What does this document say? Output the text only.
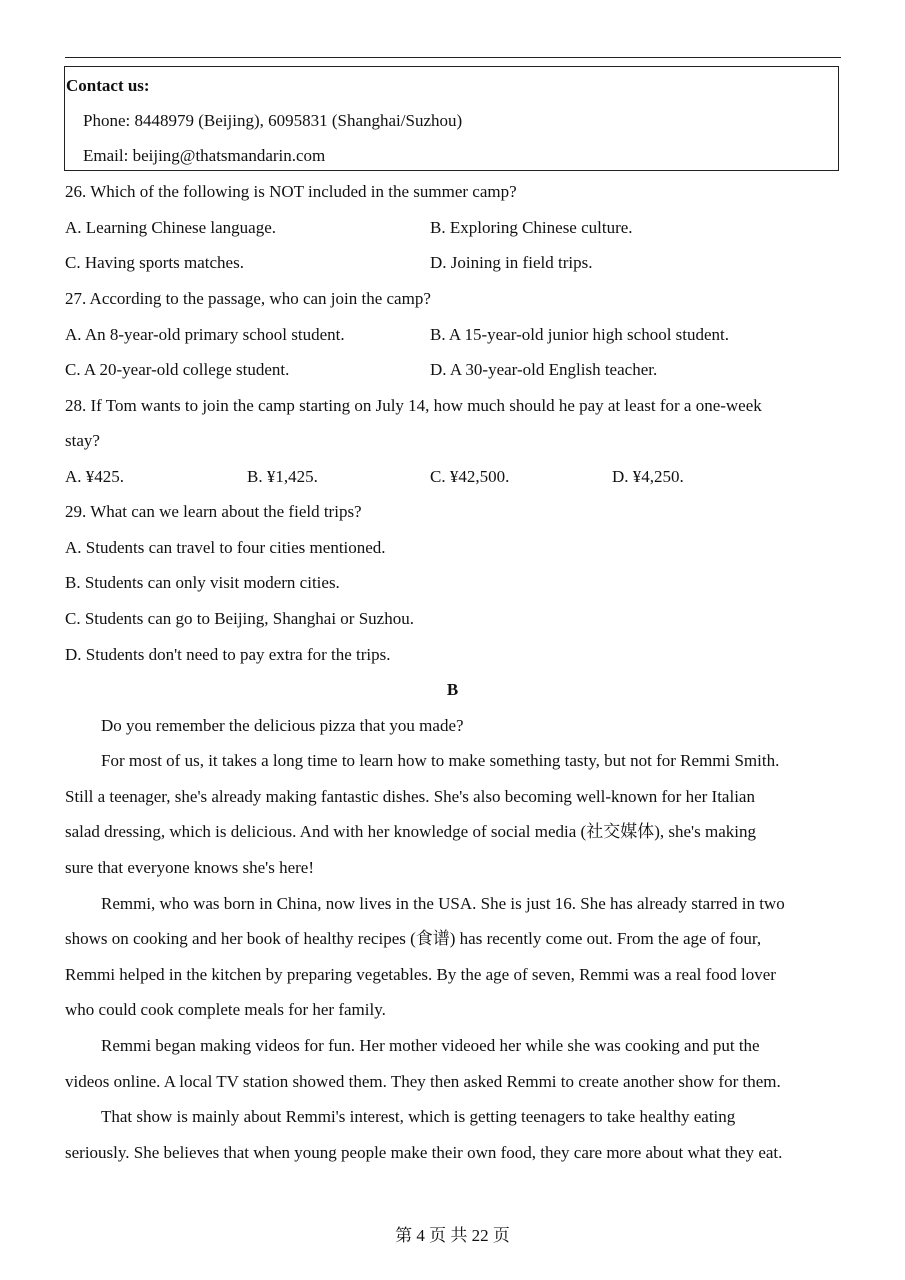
Contact us:
Phone: 8448979 (Beijing), 6095831 (Shanghai/Suzhou)
Email: beijing@thatsmandarin.com
26. Which of the following is NOT included in the summer camp?
A. Learning Chinese language.	B. Exploring Chinese culture.
C. Having sports matches.	D. Joining in field trips.
27. According to the passage, who can join the camp?
A. An 8-year-old primary school student.	B. A 15-year-old junior high school student.
C. A 20-year-old college student.	D. A 30-year-old English teacher.
28. If Tom wants to join the camp starting on July 14, how much should he pay at least for a one-week
stay?
A. ¥425.	B. ¥1,425.	C. ¥42,500.	D. ¥4,250.
29. What can we learn about the field trips?
A. Students can travel to four cities mentioned.
B. Students can only visit modern cities.
C. Students can go to Beijing, Shanghai or Suzhou.
D. Students don't need to pay extra for the trips.
B
Do you remember the delicious pizza that you made?
For most of us, it takes a long time to learn how to make something tasty, but not for Remmi Smith.
Still a teenager, she's already making fantastic dishes. She's also becoming well-known for her Italian
salad dressing, which is delicious. And with her knowledge of social media (社交媒体), she's making
sure that everyone knows she's here!
Remmi, who was born in China, now lives in the USA. She is just 16. She has already starred in two
shows on cooking and her book of healthy recipes (食谱) has recently come out. From the age of four,
Remmi helped in the kitchen by preparing vegetables. By the age of seven, Remmi was a real food lover
who could cook complete meals for her family.
Remmi began making videos for fun. Her mother videoed her while she was cooking and put the
videos online. A local TV station showed them. They then asked Remmi to create another show for them.
That show is mainly about Remmi's interest, which is getting teenagers to take healthy eating
seriously. She believes that when young people make their own food, they care more about what they eat.
第 4 页 共 22 页
